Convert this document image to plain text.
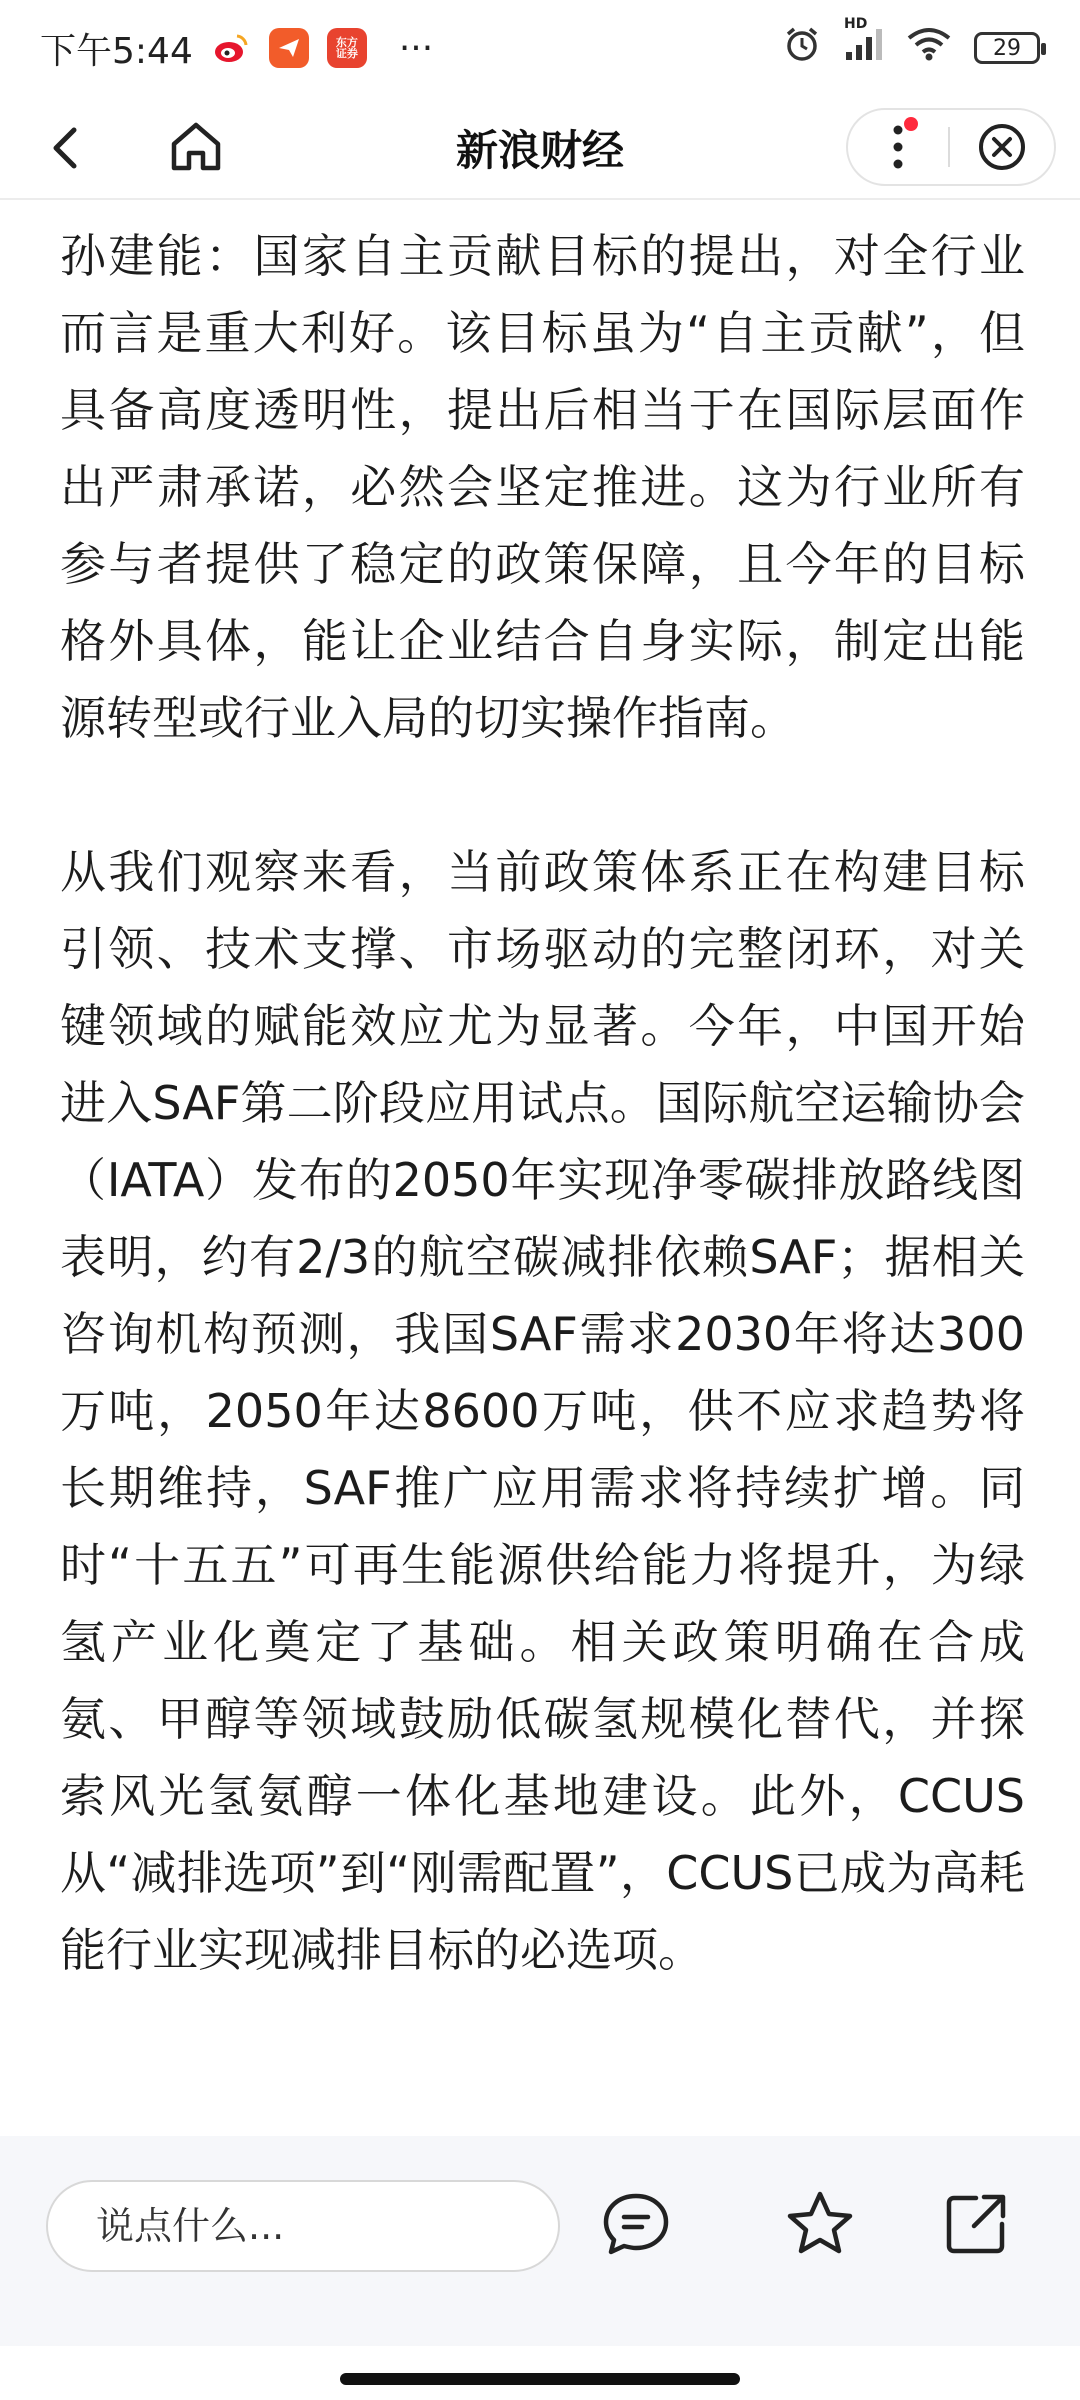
下午5:44	东方
证券 ···
HD
29
新浪财经

孙建能：国家自主贡献目标的提出，对全行业而言是重大利好。该目标虽为“自主贡献”，但具备高度透明性，提出后相当于在国际层面作出严肃承诺，必然会坚定推进。这为行业所有参与者提供了稳定的政策保障，且今年的目标格外具体，能让企业结合自身实际，制定出能源转型或行业入局的切实操作指南。

从我们观察来看，当前政策体系正在构建目标引领、技术支撑、市场驱动的完整闭环，对关键领域的赋能效应尤为显著。今年，中国开始进入SAF第二阶段应用试点。国际航空运输协会（IATA）发布的2050年实现净零碳排放路线图表明，约有2/3的航空碳减排依赖SAF；据相关咨询机构预测，我国SAF需求2030年将达300万吨，2050年达8600万吨，供不应求趋势将长期维持，SAF推广应用需求将持续扩增。同时“十五五”可再生能源供给能力将提升，为绿氢产业化奠定了基础。相关政策明确在合成氨、甲醇等领域鼓励低碳氢规模化替代，并探索风光氢氨醇一体化基地建设。此外，CCUS从“减排选项”到“刚需配置”，CCUS已成为高耗能行业实现减排目标的必选项。

说点什么...
